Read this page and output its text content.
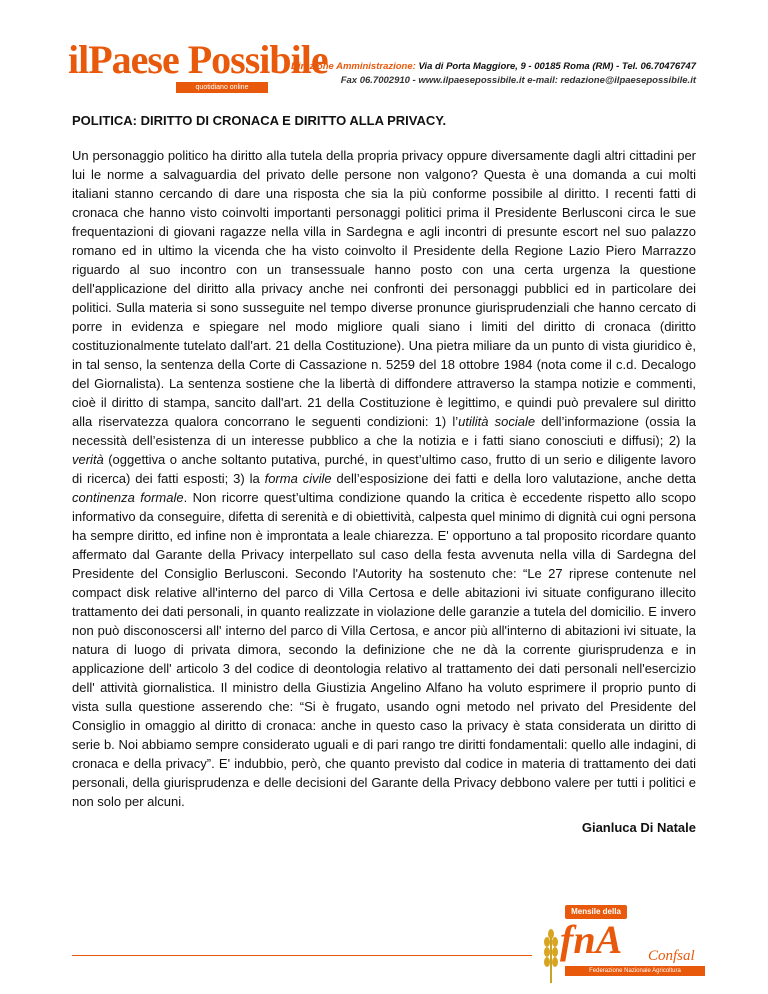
ilPaese Possibile
quotidiano online
Direzione Amministrazione: Via di Porta Maggiore, 9 - 00185 Roma (RM) - Tel. 06.70476747
Fax 06.7002910 - www.ilpaesepossibile.it e-mail: redazione@ilpaesepossibile.it
POLITICA: DIRITTO DI CRONACA E DIRITTO ALLA PRIVACY.
Un personaggio politico ha diritto alla tutela della propria privacy oppure diversamente dagli altri cittadini per lui le norme a salvaguardia del privato delle persone non valgono? Questa è una domanda a cui molti italiani stanno cercando di dare una risposta che sia la più conforme possibile al diritto. I recenti fatti di cronaca che hanno visto coinvolti importanti personaggi politici prima il Presidente Berlusconi circa le sue frequentazioni di giovani ragazze nella villa in Sardegna e agli incontri di presunte escort nel suo palazzo romano ed in ultimo la vicenda che ha visto coinvolto il Presidente della Regione Lazio Piero Marrazzo riguardo al suo incontro con un transessuale hanno posto con una certa urgenza la questione dell'applicazione del diritto alla privacy anche nei confronti dei personaggi pubblici ed in particolare dei politici. Sulla materia si sono susseguite nel tempo diverse pronunce giurisprudenziali che hanno cercato di porre in evidenza e spiegare nel modo migliore quali siano i limiti del diritto di cronaca (diritto costituzionalmente tutelato dall'art. 21 della Costituzione). Una pietra miliare da un punto di vista giuridico è, in tal senso, la sentenza della Corte di Cassazione n. 5259 del 18 ottobre 1984 (nota come il c.d. Decalogo del Giornalista). La sentenza sostiene che la libertà di diffondere attraverso la stampa notizie e commenti, cioè il diritto di stampa, sancito dall'art. 21 della Costituzione è legittimo, e quindi può prevalere sul diritto alla riservatezza qualora concorrano le seguenti condizioni: 1) l’utilità sociale dell’informazione (ossia la necessità dell’esistenza di un interesse pubblico a che la notizia e i fatti siano conosciuti e diffusi); 2) la verità (oggettiva o anche soltanto putativa, purché, in quest’ultimo caso, frutto di un serio e diligente lavoro di ricerca) dei fatti esposti; 3) la forma civile dell’esposizione dei fatti e della loro valutazione, anche detta continenza formale. Non ricorre quest’ultima condizione quando la critica è eccedente rispetto allo scopo informativo da conseguire, difetta di serenità e di obiettività, calpesta quel minimo di dignità cui ogni persona ha sempre diritto, ed infine non è improntata a leale chiarezza. E' opportuno a tal proposito ricordare quanto affermato dal Garante della Privacy interpellato sul caso della festa avvenuta nella villa di Sardegna del Presidente del Consiglio Berlusconi. Secondo l'Autority ha sostenuto che: “Le 27 riprese contenute nel compact disk relative all'interno del parco di Villa Certosa e delle abitazioni ivi situate configurano illecito trattamento dei dati personali, in quanto realizzate in violazione delle garanzie a tutela del domicilio. E invero non può disconoscersi all' interno del parco di Villa Certosa, e ancor più all'interno di abitazioni ivi situate, la natura di luogo di privata dimora, secondo la definizione che ne dà la corrente giurisprudenza e in applicazione dell' articolo 3 del codice di deontologia relativo al trattamento dei dati personali nell'esercizio dell' attività giornalistica. Il ministro della Giustizia Angelino Alfano ha voluto esprimere il proprio punto di vista sulla questione asserendo che: “Si è frugato, usando ogni metodo nel privato del Presidente del Consiglio in omaggio al diritto di cronaca: anche in questo caso la privacy è stata considerata un diritto di serie b. Noi abbiamo sempre considerato uguali e di pari rango tre diritti fondamentali: quello alle indagini, di cronaca e della privacy”. E' indubbio, però, che quanto previsto dal codice in materia di trattamento dei dati personali, della giurisprudenza e delle decisioni del Garante della Privacy debbono valere per tutti i politici e non solo per alcuni.
Gianluca Di Natale
Mensile della
fnA Confsal
Federazione Nazionale Agricoltura
